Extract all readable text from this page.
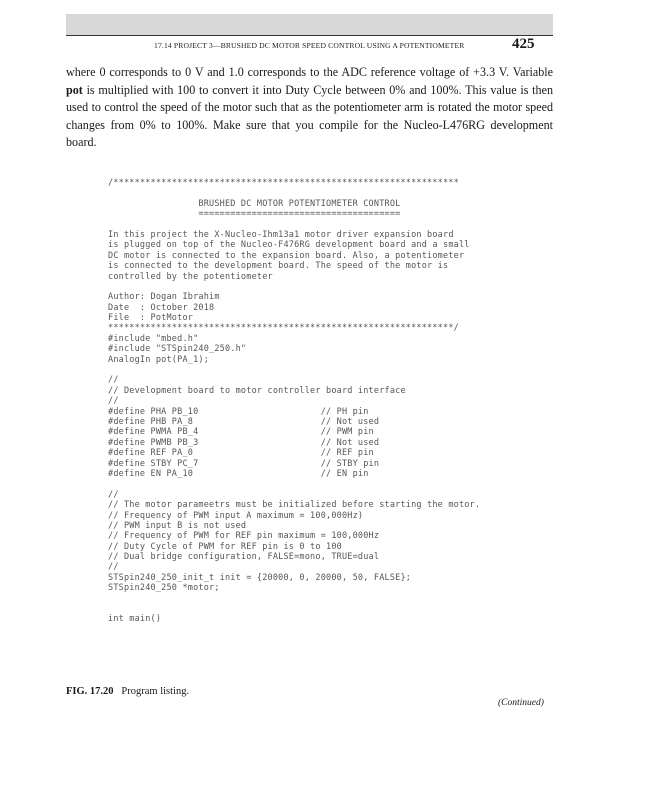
17.14 PROJECT 3—BRUSHED DC MOTOR SPEED CONTROL USING A POTENTIOMETER	425

where 0 corresponds to 0 V and 1.0 corresponds to the ADC reference voltage of +3.3 V. Variable pot is multiplied with 100 to convert it into Duty Cycle between 0% and 100%. This value is then used to control the speed of the motor such that as the potentiometer arm is rotated the motor speed changes from 0% to 100%. Make sure that you compile for the Nucleo-L476RG development board.

/*****************************************************************
BRUSHED DC MOTOR POTENTIOMETER CONTROL
======================================
In this project the X-Nucleo-Ihm13a1 motor driver expansion board
is plugged on top of the Nucleo-F476RG development board and a small
DC motor is connected to the expansion board. Also, a potentiometer
is connected to the development board. The speed of the motor is
controlled by the potentiometer
Author: Dogan Ibrahim
Date  : October 2018
File  : PotMotor
*****************************************************************/
#include "mbed.h"
#include "STSpin240_250.h"
AnalogIn pot(PA_1);
//
// Development board to motor controller board interface
//
#define PHA PB_10                       // PH pin
#define PHB PA_8                        // Not used
#define PWMA PB_4                       // PWM pin
#define PWMB PB_3                       // Not used
#define REF PA_0                        // REF pin
#define STBY PC_7                       // STBY pin
#define EN PA_10                        // EN pin
//
// The motor parameetrs must be initialized before starting the motor.
// Frequency of PWM input A maximum = 100,000Hz)
// PWM input B is not used
// Frequency of PWM for REF pin maximum = 100,000Hz
// Duty Cycle of PWM for REF pin is 0 to 100
// Dual bridge configuration, FALSE=mono, TRUE=dual
//
STSpin240_250_init_t init = {20000, 0, 20000, 50, FALSE};
STSpin240_250 *motor;
int main()
FIG. 17.20 Program listing.
(Continued)
